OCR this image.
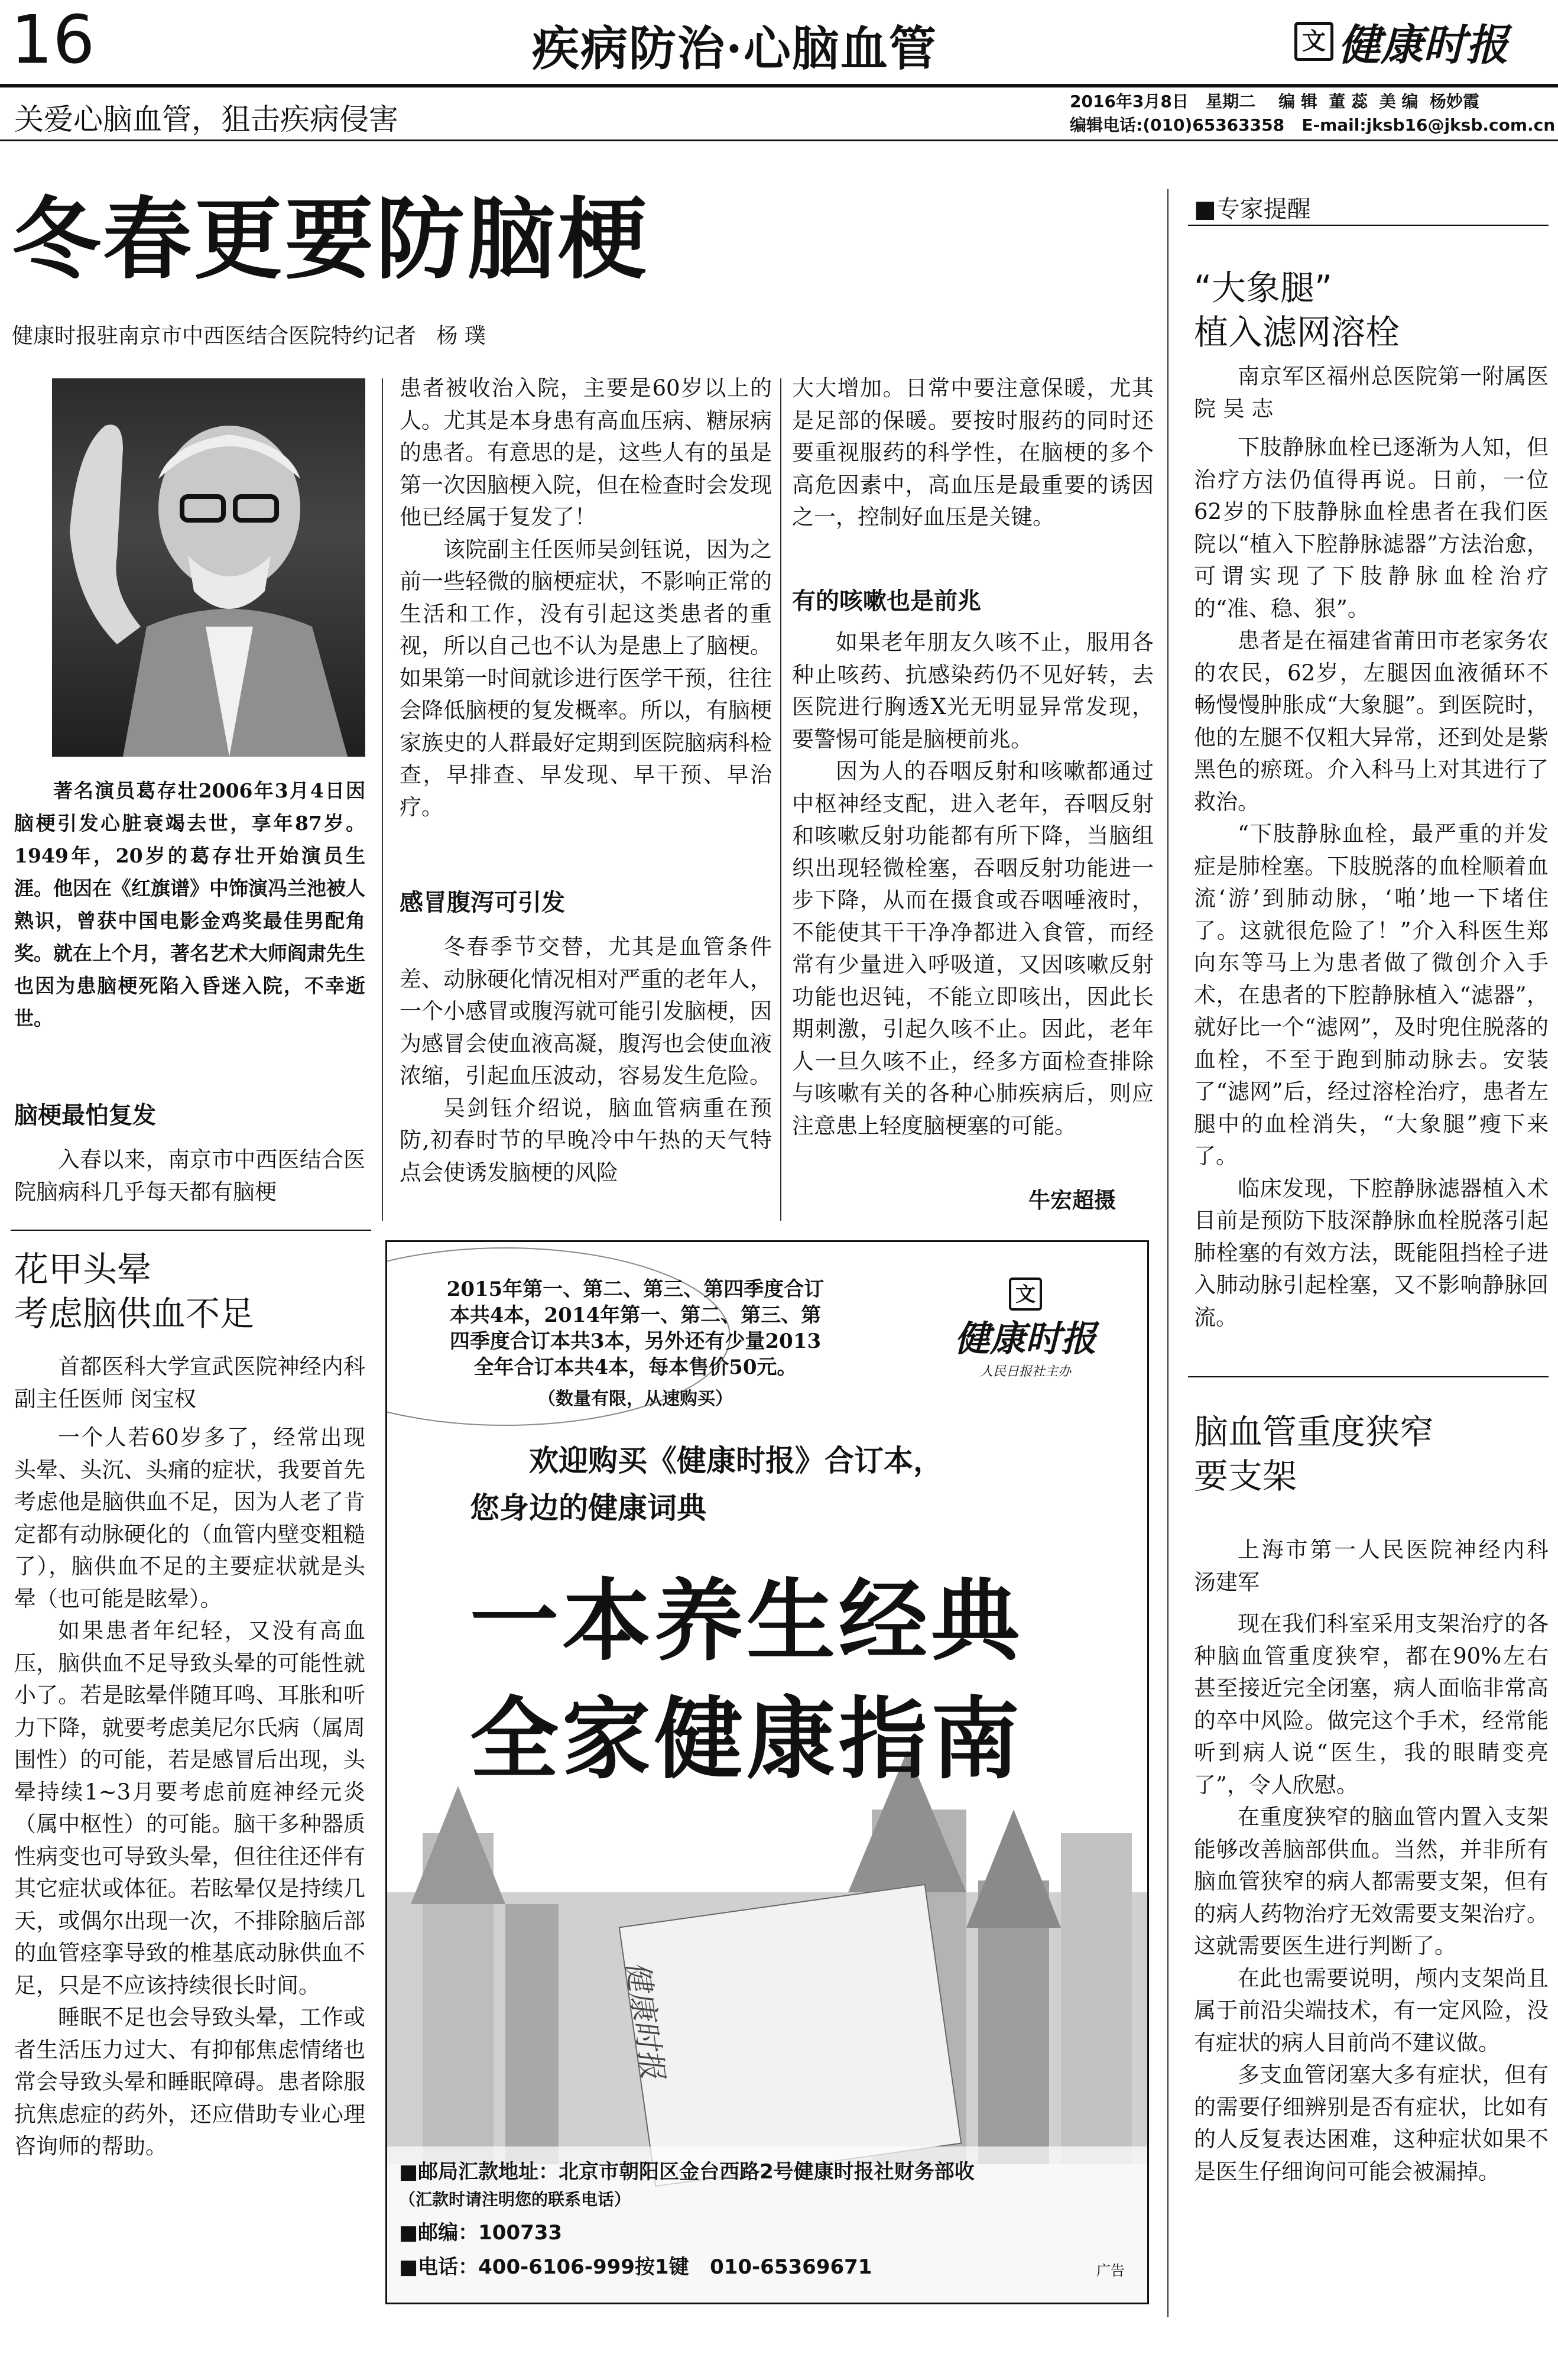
16	疾病防治·心脑血管	文 健康时报
关爱心脑血管，狙击疾病侵害
2016年3月8日   星期二    编 辑  董 蕊  美 编  杨妙霞
编辑电话:(010)65363358   E-mail:jksb16@jksb.com.cn
冬春更要防脑梗
健康时报驻南京市中西医结合医院特约记者   杨 璞

著名演员葛存壮2006年3月4日因脑梗引发心脏衰竭去世，享年87岁。1949年，20岁的葛存壮开始演员生涯。他因在《红旗谱》中饰演冯兰池被人熟识，曾获中国电影金鸡奖最佳男配角奖。就在上个月，著名艺术大师阎肃先生也因为患脑梗死陷入昏迷入院，不幸逝世。

脑梗最怕复发

入春以来，南京市中西医结合医院脑病科几乎每天都有脑梗

患者被收治入院，主要是60岁以上的人。尤其是本身患有高血压病、糖尿病的患者。有意思的是，这些人有的虽是第一次因脑梗入院，但在检查时会发现他已经属于复发了！

该院副主任医师吴剑钰说，因为之前一些轻微的脑梗症状，不影响正常的生活和工作，没有引起这类患者的重视，所以自己也不认为是患上了脑梗。如果第一时间就诊进行医学干预，往往会降低脑梗的复发概率。所以，有脑梗家族史的人群最好定期到医院脑病科检查，早排查、早发现、早干预、早治疗。

感冒腹泻可引发

冬春季节交替，尤其是血管条件差、动脉硬化情况相对严重的老年人，一个小感冒或腹泻就可能引发脑梗，因为感冒会使血液高凝，腹泻也会使血液浓缩，引起血压波动，容易发生危险。

吴剑钰介绍说，脑血管病重在预防,初春时节的早晚冷中午热的天气特点会使诱发脑梗的风险

大大增加。日常中要注意保暖，尤其是足部的保暖。要按时服药的同时还要重视服药的科学性，在脑梗的多个高危因素中，高血压是最重要的诱因之一，控制好血压是关键。

有的咳嗽也是前兆

如果老年朋友久咳不止，服用各种止咳药、抗感染药仍不见好转，去医院进行胸透X光无明显异常发现，要警惕可能是脑梗前兆。

因为人的吞咽反射和咳嗽都通过中枢神经支配，进入老年，吞咽反射和咳嗽反射功能都有所下降，当脑组织出现轻微栓塞，吞咽反射功能进一步下降，从而在摄食或吞咽唾液时，不能使其干干净净都进入食管，而经常有少量进入呼吸道，又因咳嗽反射功能也迟钝，不能立即咳出，因此长期刺激，引起久咳不止。因此，老年人一旦久咳不止，经多方面检查排除与咳嗽有关的各种心肺疾病后，则应注意患上轻度脑梗塞的可能。

牛宏超摄
花甲头晕
考虑脑供血不足

首都医科大学宣武医院神经内科副主任医师 闵宝权

一个人若60岁多了，经常出现头晕、头沉、头痛的症状，我要首先考虑他是脑供血不足，因为人老了肯定都有动脉硬化的（血管内壁变粗糙了），脑供血不足的主要症状就是头晕（也可能是眩晕）。

如果患者年纪轻，又没有高血压，脑供血不足导致头晕的可能性就小了。若是眩晕伴随耳鸣、耳胀和听力下降，就要考虑美尼尔氏病（属周围性）的可能，若是感冒后出现，头晕持续1~3月要考虑前庭神经元炎（属中枢性）的可能。脑干多种器质性病变也可导致头晕，但往往还伴有其它症状或体征。若眩晕仅是持续几天，或偶尔出现一次，不排除脑后部的血管痉挛导致的椎基底动脉供血不足，只是不应该持续很长时间。

睡眠不足也会导致头晕，工作或者生活压力过大、有抑郁焦虑情绪也常会导致头晕和睡眠障碍。患者除服抗焦虑症的药外，还应借助专业心理咨询师的帮助。

2015年第一、第二、第三、第四季度合订本共4本，2014年第一、第二、第三、第四季度合订本共3本，另外还有少量2013全年合订本共4本，每本售价50元。
（数量有限，从速购买）
文
健康时报
人民日报社主办
欢迎购买《健康时报》合订本，
您身边的健康词典
一本养生经典
全家健康指南
健康时报
■邮局汇款地址：北京市朝阳区金台西路2号健康时报社财务部收
（汇款时请注明您的联系电话）
■邮编：100733
■电话：400-6106-999按1键   010-65369671	广告
■专家提醒
“大象腿”
植入滤网溶栓

南京军区福州总医院第一附属医院 吴 志

下肢静脉血栓已逐渐为人知，但治疗方法仍值得再说。日前，一位62岁的下肢静脉血栓患者在我们医院以“植入下腔静脉滤器”方法治愈，可谓实现了下肢静脉血栓治疗的“准、稳、狠”。

患者是在福建省莆田市老家务农的农民，62岁，左腿因血液循环不畅慢慢肿胀成“大象腿”。到医院时，他的左腿不仅粗大异常，还到处是紫黑色的瘀斑。介入科马上对其进行了救治。

“下肢静脉血栓，最严重的并发症是肺栓塞。下肢脱落的血栓顺着血流‘游’到肺动脉，‘啪’地一下堵住了。这就很危险了！”介入科医生郑向东等马上为患者做了微创介入手术，在患者的下腔静脉植入“滤器”，就好比一个“滤网”，及时兜住脱落的血栓，不至于跑到肺动脉去。安装了“滤网”后，经过溶栓治疗，患者左腿中的血栓消失，“大象腿”瘦下来了。

临床发现，下腔静脉滤器植入术目前是预防下肢深静脉血栓脱落引起肺栓塞的有效方法，既能阻挡栓子进入肺动脉引起栓塞，又不影响静脉回流。

脑血管重度狭窄
要支架

上海市第一人民医院神经内科 汤建军

现在我们科室采用支架治疗的各种脑血管重度狭窄，都在90%左右甚至接近完全闭塞，病人面临非常高的卒中风险。做完这个手术，经常能听到病人说“医生，我的眼睛变亮了”，令人欣慰。

在重度狭窄的脑血管内置入支架能够改善脑部供血。当然，并非所有脑血管狭窄的病人都需要支架，但有的病人药物治疗无效需要支架治疗。这就需要医生进行判断了。

在此也需要说明，颅内支架尚且属于前沿尖端技术，有一定风险，没有症状的病人目前尚不建议做。

多支血管闭塞大多有症状，但有的需要仔细辨别是否有症状，比如有的人反复表达困难，这种症状如果不是医生仔细询问可能会被漏掉。
